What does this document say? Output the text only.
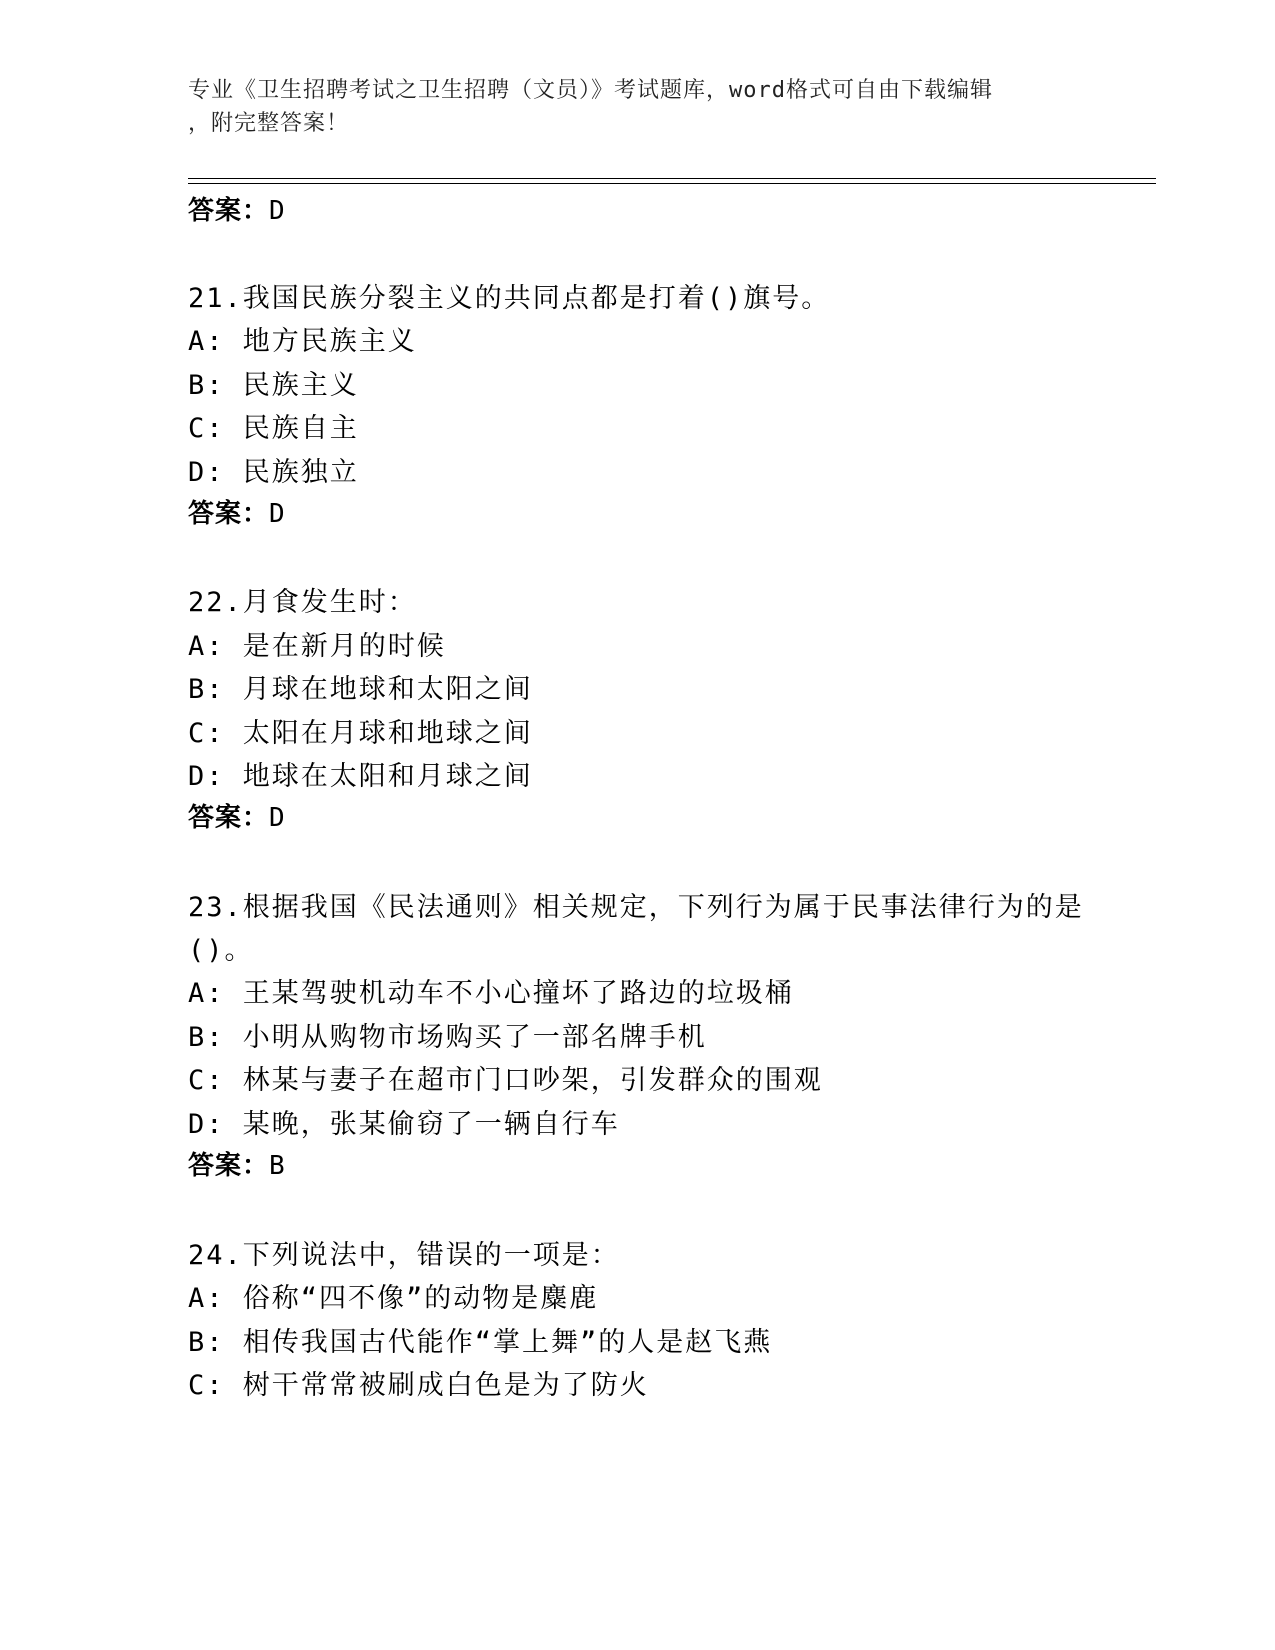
专业《卫生招聘考试之卫生招聘（文员）》考试题库，word格式可自由下载编辑
，附完整答案！
答案：D
21.我国民族分裂主义的共同点都是打着()旗号。
A: 地方民族主义
B: 民族主义
C: 民族自主
D: 民族独立
答案：D
22.月食发生时：
A: 是在新月的时候
B: 月球在地球和太阳之间
C: 太阳在月球和地球之间
D: 地球在太阳和月球之间
答案：D
23.根据我国《民法通则》相关规定，下列行为属于民事法律行为的是
()。
A: 王某驾驶机动车不小心撞坏了路边的垃圾桶
B: 小明从购物市场购买了一部名牌手机
C: 林某与妻子在超市门口吵架，引发群众的围观
D: 某晚，张某偷窃了一辆自行车
答案：B
24.下列说法中，错误的一项是：
A: 俗称“四不像”的动物是麋鹿
B: 相传我国古代能作“掌上舞”的人是赵飞燕
C: 树干常常被刷成白色是为了防火
